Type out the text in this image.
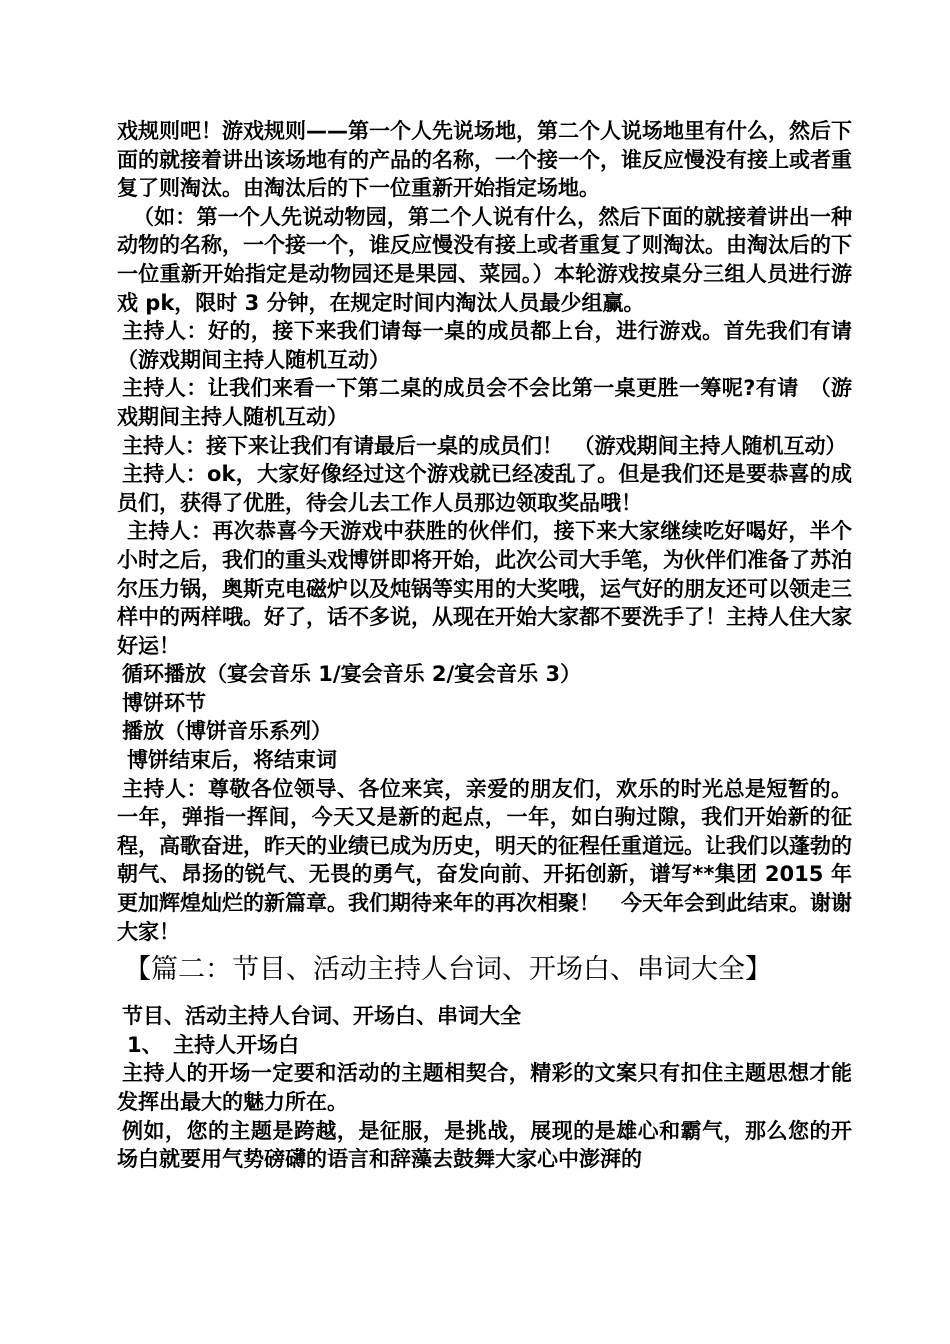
戏规则吧！游戏规则——第一个人先说场地，第二个人说场地里有什么，然后下面的就接着讲出该场地有的产品的名称，一个接一个，谁反应慢没有接上或者重复了则淘汰。由淘汰后的下一位重新开始指定场地。

（如：第一个人先说动物园，第二个人说有什么，然后下面的就接着讲出一种动物的名称，一个接一个，谁反应慢没有接上或者重复了则淘汰。由淘汰后的下一位重新开始指定是动物园还是果园、菜园。）本轮游戏按桌分三组人员进行游戏 pk，限时 3 分钟，在规定时间内淘汰人员最少组赢。

主持人：好的，接下来我们请每一桌的成员都上台，进行游戏。首先我们有请　（游戏期间主持人随机互动）

主持人：让我们来看一下第二桌的成员会不会比第一桌更胜一筹呢?有请　（游戏期间主持人随机互动）

主持人：接下来让我们有请最后一桌的成员们！　（游戏期间主持人随机互动）

主持人：ok，大家好像经过这个游戏就已经凌乱了。但是我们还是要恭喜的成员们，获得了优胜，待会儿去工作人员那边领取奖品哦！

主持人：再次恭喜今天游戏中获胜的伙伴们，接下来大家继续吃好喝好，半个小时之后，我们的重头戏博饼即将开始，此次公司大手笔，为伙伴们准备了苏泊尔压力锅，奥斯克电磁炉以及炖锅等实用的大奖哦，运气好的朋友还可以领走三样中的两样哦。好了，话不多说，从现在开始大家都不要洗手了！主持人住大家好运！

循环播放（宴会音乐 1/宴会音乐 2/宴会音乐 3）

博饼环节

播放（博饼音乐系列）

博饼结束后，将结束词

主持人：尊敬各位领导、各位来宾，亲爱的朋友们，欢乐的时光总是短暂的。一年，弹指一挥间，今天又是新的起点，一年，如白驹过隙，我们开始新的征程，高歌奋进，昨天的业绩已成为历史，明天的征程任重道远。让我们以蓬勃的朝气、昂扬的锐气、无畏的勇气，奋发向前、开拓创新，谱写**集团 2015 年更加辉煌灿烂的新篇章。我们期待来年的再次相聚！　今天年会到此结束。谢谢大家！

【篇二：节目、活动主持人台词、开场白、串词大全】

节目、活动主持人台词、开场白、串词大全

1、　主持人开场白

主持人的开场一定要和活动的主题相契合，精彩的文案只有扣住主题思想才能发挥出最大的魅力所在。

例如，您的主题是跨越，是征服，是挑战，展现的是雄心和霸气，那么您的开场白就要用气势磅礴的语言和辞藻去鼓舞大家心中澎湃的
